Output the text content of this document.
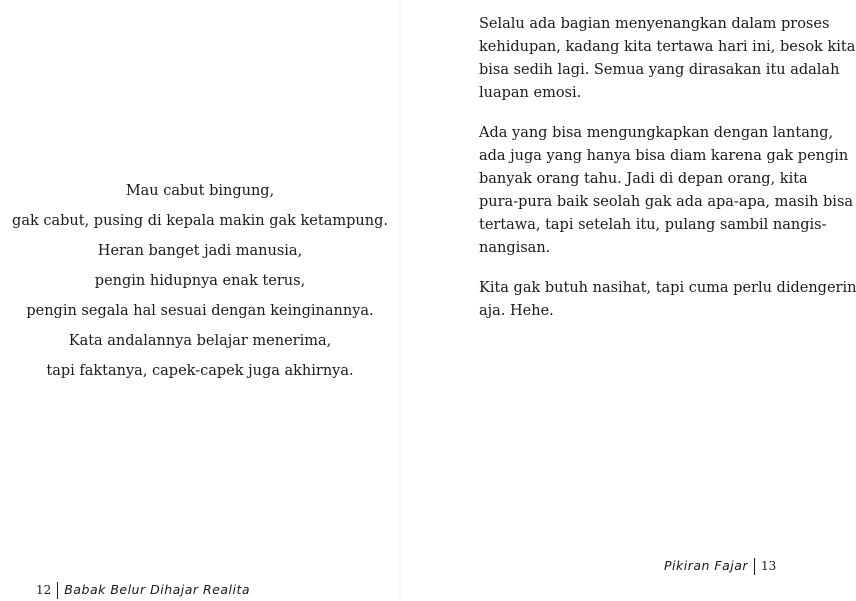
Mau cabut bingung,
gak cabut, pusing di kepala makin gak ketampung.
Heran banget jadi manusia,
pengin hidupnya enak terus,
pengin segala hal sesuai dengan keinginannya.
Kata andalannya belajar menerima,
tapi faktanya, capek-capek juga akhirnya.

Selalu ada bagian menyenangkan dalam proses
kehidupan, kadang kita tertawa hari ini, besok kita
bisa sedih lagi. Semua yang dirasakan itu adalah
luapan emosi.

Ada yang bisa mengungkapkan dengan lantang,
ada juga yang hanya bisa diam karena gak pengin
banyak orang tahu. Jadi di depan orang, kita
pura-pura baik seolah gak ada apa-apa, masih bisa
tertawa, tapi setelah itu, pulang sambil nangis-
nangisan.

Kita gak butuh nasihat, tapi cuma perlu didengerin
aja. Hehe.

12 Babak Belur Dihajar Realita
Pikiran Fajar 13
